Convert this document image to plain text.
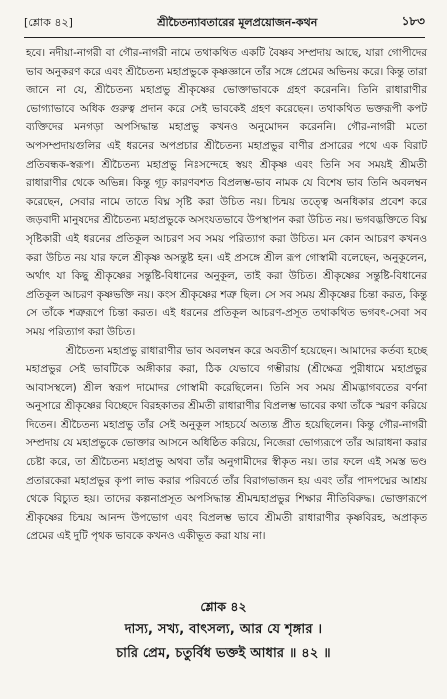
[শ্লোক ৪২]	শ্রীচৈতন্যাবতারের মূলপ্রয়োজন-কথন	১৮৩

হবে। নদীয়া-নাগরী বা গৌর-নাগরী নামে তথাকথিত একটি বৈষ্ণব সম্প্রদায় আছে, যারা গোপীদের ভাব অনুকরণ করে এবং শ্রীচৈতন্য মহাপ্রভুকে কৃষ্ণজ্ঞানে তাঁর সঙ্গে প্রেমের অভিনয় করে। কিন্তু তারা জানে না যে, শ্রীচৈতন্য মহাপ্রভু শ্রীকৃষ্ণের ভোক্তাভাবকে গ্রহণ করেননি। তিনি রাধারাণীর ভোগ্যাভাবে অধিক গুরুত্ব প্রদান করে সেই ভাবকেই গ্রহণ করেছেন। তথাকথিত ভক্তরূপী কপট ব্যক্তিদের মনগড়া অপসিদ্ধান্ত মহাপ্রভু কখনও অনুমোদন করেননি। গৌর-নাগরী মতো অপসম্প্রদায়গুলির এই ধরনের অপপ্রচার শ্রীচৈতন্য মহাপ্রভুর বাণীর প্রসারের পথে এক বিরাট প্রতিবন্ধক-স্বরূপ। শ্রীচৈতন্য মহাপ্রভু নিঃসন্দেহে স্বয়ং শ্রীকৃষ্ণ এবং তিনি সব সময়ই শ্রীমতী রাধারাণীর থেকে অভিন্ন। কিন্তু গূঢ় কারণবশত বিপ্রলম্ভ-ভাব নামক যে বিশেষ ভাব তিনি অবলম্বন করেছেন, সেবার নামে তাতে বিঘ্ন সৃষ্টি করা উচিত নয়। চিন্ময় তত্ত্বে অনধিকার প্রবেশ করে জড়বাদী মানুষদের শ্রীচৈতন্য মহাপ্রভুকে অসংযতভাবে উপস্থাপন করা উচিত নয়। ভগবদ্ভক্তিতে বিঘ্ন সৃষ্টিকারী এই ধরনের প্রতিকূল আচরণ সব সময় পরিত্যাগ করা উচিত। মন কোন আচরণ কখনও করা উচিত নয় যার ফলে শ্রীকৃষ্ণ অসন্তুষ্ট হন। এই প্রসঙ্গে শ্রীল রূপ গোস্বামী বলেছেন, অনুকূলেন, অর্থাৎ যা কিছু শ্রীকৃষ্ণের সন্তুষ্টি-বিধানের অনুকূল, তাই করা উচিত। শ্রীকৃষ্ণের সন্তুষ্টি-বিধানের প্রতিকূল আচরণ কৃষ্ণভক্তি নয়। কংস শ্রীকৃষ্ণের শত্রু ছিল। সে সব সময় শ্রীকৃষ্ণের চিন্তা করত, কিন্তু সে তাঁকে শত্রুরূপে চিন্তা করত। এই ধরনের প্রতিকূল আচরণ-প্রসূত তথাকথিত ভগবৎ-সেবা সব সময় পরিত্যাগ করা উচিত।

শ্রীচৈতন্য মহাপ্রভু রাধারাণীর ভাব অবলম্বন করে অবতীর্ণ হয়েছেন। আমাদের কর্তব্য হচ্ছে মহাপ্রভুর সেই ভাবটিকে অঙ্গীকার করা, ঠিক যেভাবে গম্ভীরায় (শ্রীক্ষেত্র পুরীধামে মহাপ্রভুর আবাসস্থলে) শ্রীল স্বরূপ দামোদর গোস্বামী করেছিলেন। তিনি সব সময় শ্রীমদ্ভাগবতের বর্ণনা অনুসারে শ্রীকৃষ্ণের বিচ্ছেদে বিরহকাতর শ্রীমতী রাধারাণীর বিপ্রলম্ভ ভাবের কথা তাঁকে স্মরণ করিয়ে দিতেন। শ্রীচৈতন্য মহাপ্রভু তাঁর সেই অনুকূল সাহচর্যে অত্যন্ত প্রীত হয়েছিলেন। কিন্তু গৌর-নাগরী সম্প্রদায় যে মহাপ্রভুকে ভোক্তার আসনে অধিষ্ঠিত করিয়ে, নিজেরা ভোগ্যরূপে তাঁর আরাধনা করার চেষ্টা করে, তা শ্রীচৈতন্য মহাপ্রভু অথবা তাঁর অনুগামীদের স্বীকৃত নয়। তার ফলে এই সমস্ত ভণ্ড প্রতারকেরা মহাপ্রভুর কৃপা লাভ করার পরিবর্তে তাঁর বিরাগভাজন হয় এবং তাঁর পাদপদ্মের আশ্রয় থেকে বিচ্যুত হয়। তাদের কল্পনাপ্রসূত অপসিদ্ধান্ত শ্রীমন্মহাপ্রভুর শিক্ষার নীতিবিরুদ্ধ। ভোক্তারূপে শ্রীকৃষ্ণের চিন্ময় আনন্দ উপভোগ এবং বিপ্রলম্ভ ভাবে শ্রীমতী রাধারাণীর কৃষ্ণবিরহ, অপ্রাকৃত প্রেমের এই দুটি পৃথক ভাবকে কখনও একীভূত করা যায় না।

শ্লোক ৪২
দাস্য, সখ্য, বাৎসল্য, আর যে শৃঙ্গার ।
চারি প্রেম, চতুর্বিধ ভক্তই আধার ॥ ৪২ ॥
